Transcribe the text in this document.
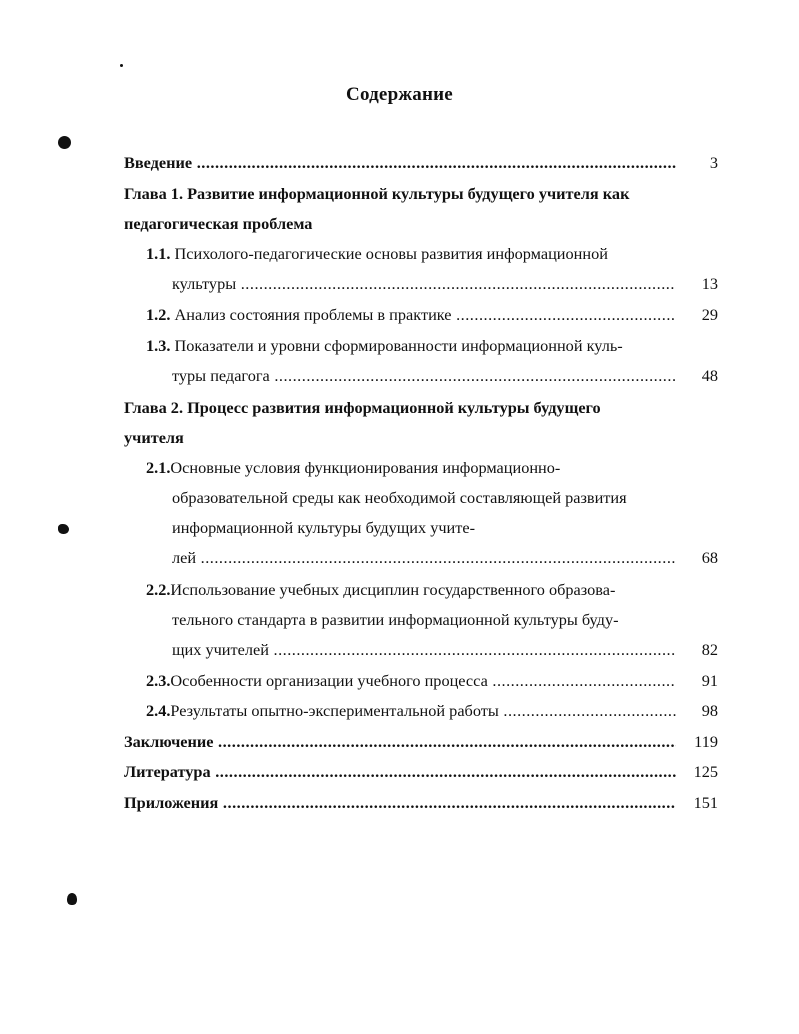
Содержание
Введение .....	3
Глава 1. Развитие информационной культуры будущего учителя как
педагогическая проблема
1.1. Психолого-педагогические основы развития информационной
культуры .....	13
1.2. Анализ состояния проблемы в практике .....	29
1.3. Показатели и уровни сформированности информационной куль-
туры педагога .....	48
Глава 2. Процесс развития информационной культуры будущего
учителя
2.1.Основные условия функционирования информационно-
образовательной среды как необходимой составляющей развития
информационной культуры будущих учите-
лей .....	68
2.2.Использование учебных дисциплин государственного образова-
тельного стандарта в развитии информационной культуры буду-
щих учителей .....	82
2.3.Особенности организации учебного процесса .....	91
2.4.Результаты опытно-экспериментальной работы .....	98
Заключение .....	119
Литература .....	125
Приложения .....	151
